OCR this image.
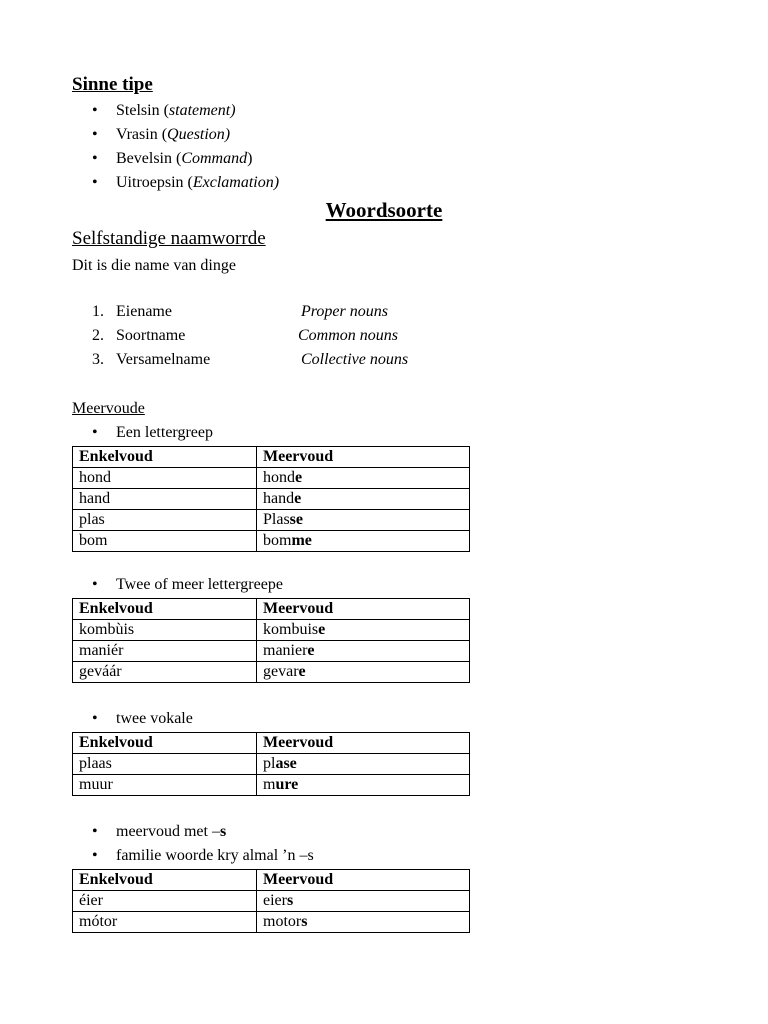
Sinne tipe
• Stelsin (statement)
• Vrasin (Question)
• Bevelsin (Command)
• Uitroepsin (Exclamation)
Woordsoorte
Selfstandige naamworrde
Dit is die name van dinge
1. Eiename	Proper nouns
2. Soortname	Common nouns
3. Versamelname	Collective nouns
Meervoude
• Een lettergreep
Enkelvoud	Meervoud
hond	honde
hand	hande
plas	Plasse
bom	bomme
• Twee of meer lettergreepe
Enkelvoud	Meervoud
kombùis	kombuise
maniér	maniere
geváár	gevare
• twee vokale
Enkelvoud	Meervoud
plaas	plase
muur	mure
• meervoud met –s
• familie woorde kry almal ’n –s
Enkelvoud	Meervoud
éier	eiers
mótor	motors
